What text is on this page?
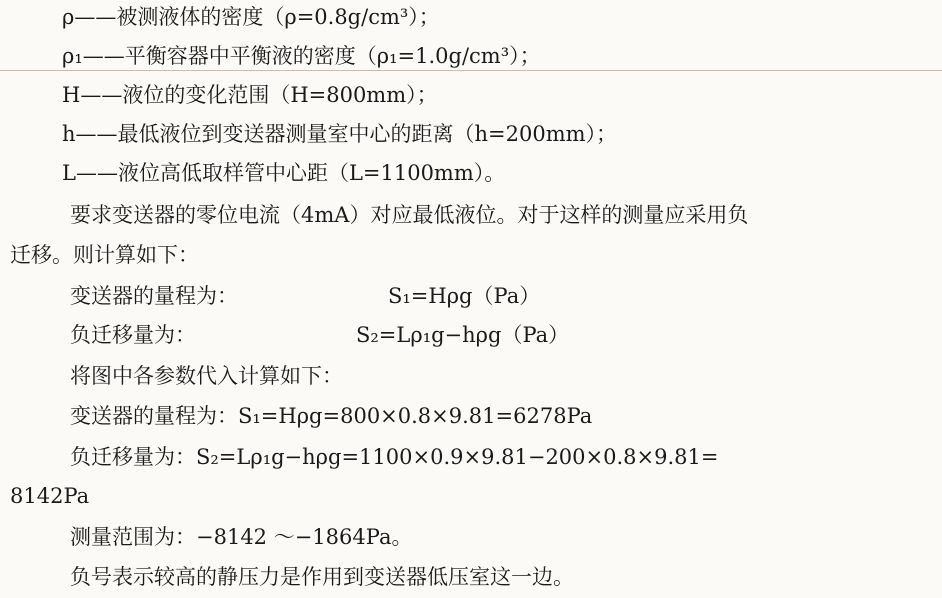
ρ——被测液体的密度（ρ=0.8g/cm³）；
ρ₁——平衡容器中平衡液的密度（ρ₁=1.0g/cm³）；
H——液位的变化范围（H=800mm）；
h——最低液位到变送器测量室中心的距离（h=200mm）；
L——液位高低取样管中心距（L=1100mm）。
要求变送器的零位电流（4mA）对应最低液位。对于这样的测量应采用负
迁移。则计算如下：
变送器的量程为：	S₁=Hρg（Pa）
负迁移量为：	S₂=Lρ₁g−hρg（Pa）
将图中各参数代入计算如下：
变送器的量程为：S₁=Hρg=800×0.8×9.81=6278Pa
负迁移量为：S₂=Lρ₁g−hρg=1100×0.9×9.81−200×0.8×9.81=
8142Pa
测量范围为：−8142 ～−1864Pa。
负号表示较高的静压力是作用到变送器低压室这一边。
